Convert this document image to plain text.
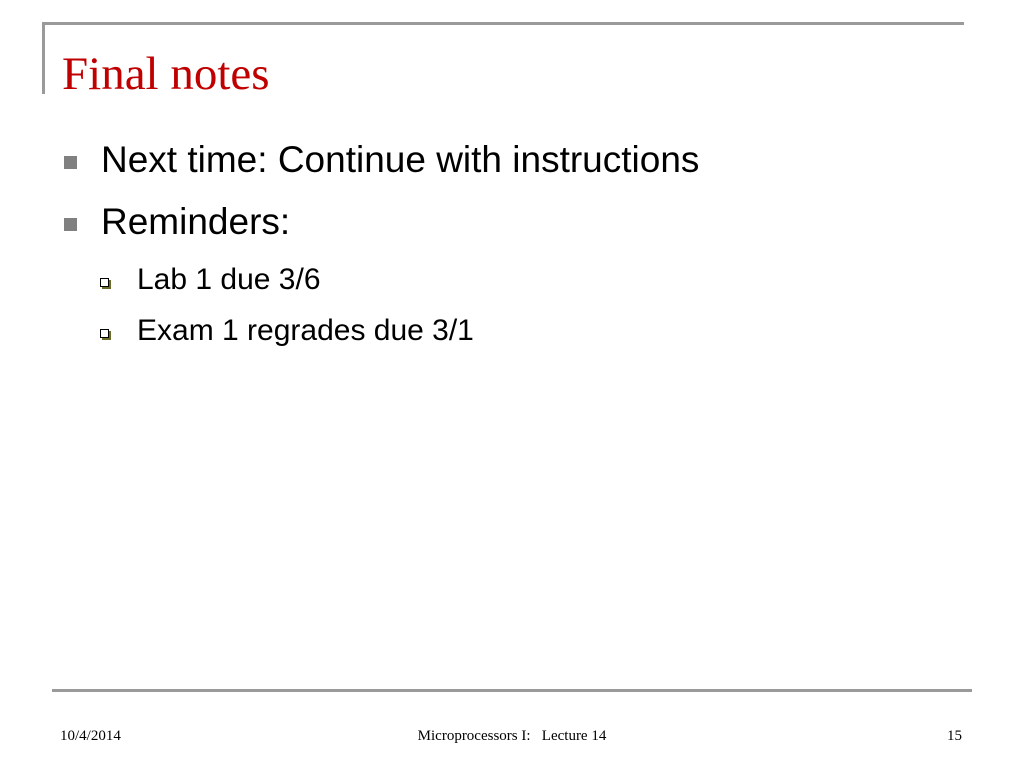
Final notes
Next time: Continue with instructions
Reminders:
Lab 1 due 3/6
Exam 1 regrades due 3/1
10/4/2014	Microprocessors I:   Lecture 14	15
